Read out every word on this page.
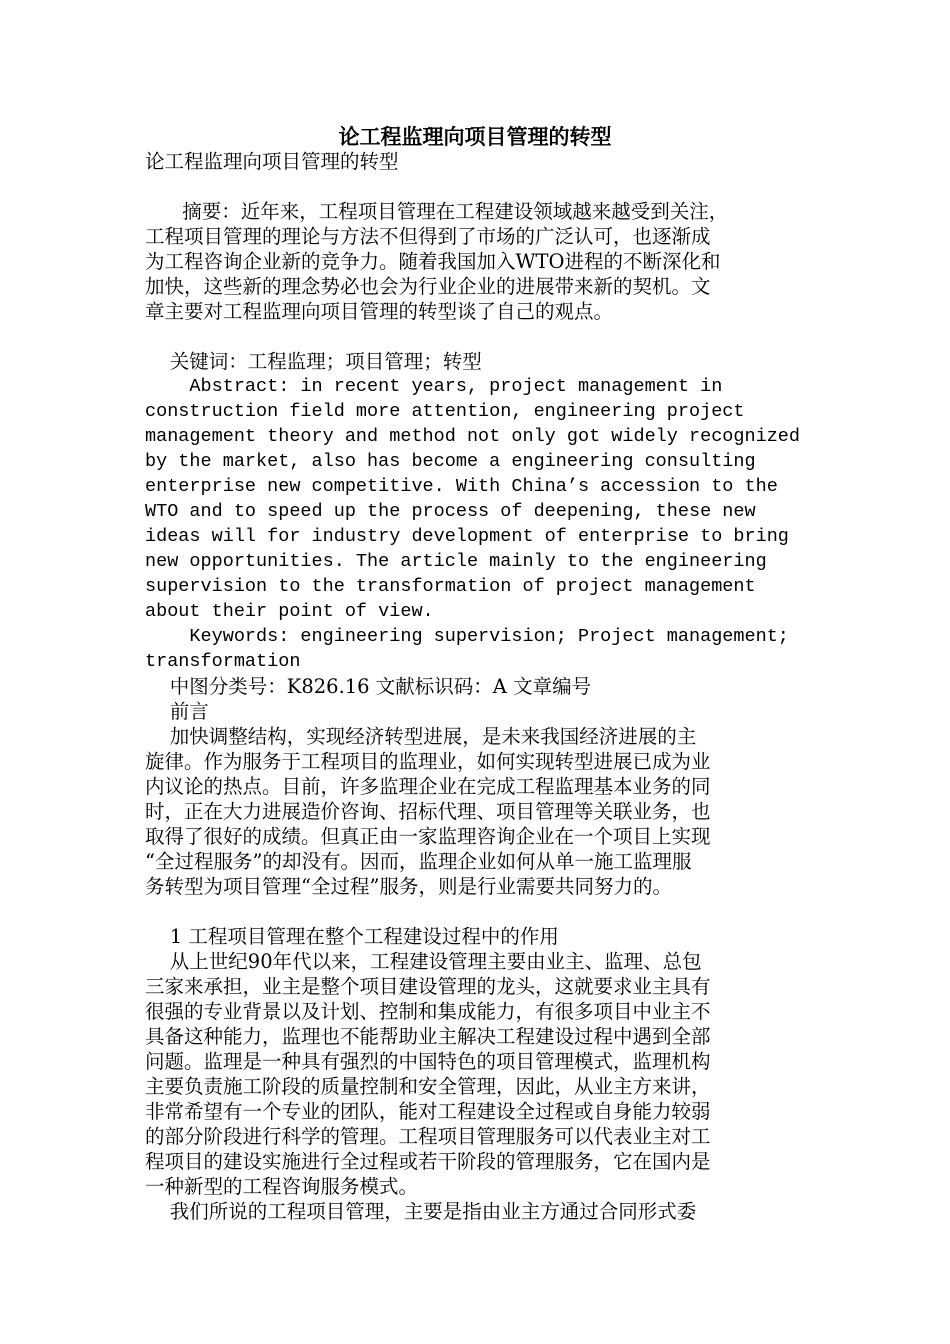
论工程监理向项目管理的转型
论工程监理向项目管理的转型
摘要：近年来，工程项目管理在工程建设领域越来越受到关注，
工程项目管理的理论与方法不但得到了市场的广泛认可，也逐渐成
为工程咨询企业新的竞争力。随着我国加入WTO进程的不断深化和
加快，这些新的理念势必也会为行业企业的进展带来新的契机。文
章主要对工程监理向项目管理的转型谈了自己的观点。
关键词：工程监理；项目管理；转型
Abstract: in recent years, project management in
construction field more attention, engineering project
management theory and method not only got widely recognized
by the market, also has become a engineering consulting
enterprise new competitive. With China’s accession to the
WTO and to speed up the process of deepening, these new
ideas will for industry development of enterprise to bring
new opportunities. The article mainly to the engineering
supervision to the transformation of project management
about their point of view.
Keywords: engineering supervision; Project management;
transformation
中图分类号：K826.16 文献标识码：A 文章编号
前言
加快调整结构，实现经济转型进展，是未来我国经济进展的主
旋律。作为服务于工程项目的监理业，如何实现转型进展已成为业
内议论的热点。目前，许多监理企业在完成工程监理基本业务的同
时，正在大力进展造价咨询、招标代理、项目管理等关联业务，也
取得了很好的成绩。但真正由一家监理咨询企业在一个项目上实现
“全过程服务”的却没有。因而，监理企业如何从单一施工监理服
务转型为项目管理“全过程”服务，则是行业需要共同努力的。
1 工程项目管理在整个工程建设过程中的作用
从上世纪90年代以来，工程建设管理主要由业主、监理、总包
三家来承担，业主是整个项目建设管理的龙头，这就要求业主具有
很强的专业背景以及计划、控制和集成能力，有很多项目中业主不
具备这种能力，监理也不能帮助业主解决工程建设过程中遇到全部
问题。监理是一种具有强烈的中国特色的项目管理模式，监理机构
主要负责施工阶段的质量控制和安全管理，因此，从业主方来讲，
非常希望有一个专业的团队，能对工程建设全过程或自身能力较弱
的部分阶段进行科学的管理。工程项目管理服务可以代表业主对工
程项目的建设实施进行全过程或若干阶段的管理服务，它在国内是
一种新型的工程咨询服务模式。
我们所说的工程项目管理，主要是指由业主方通过合同形式委
